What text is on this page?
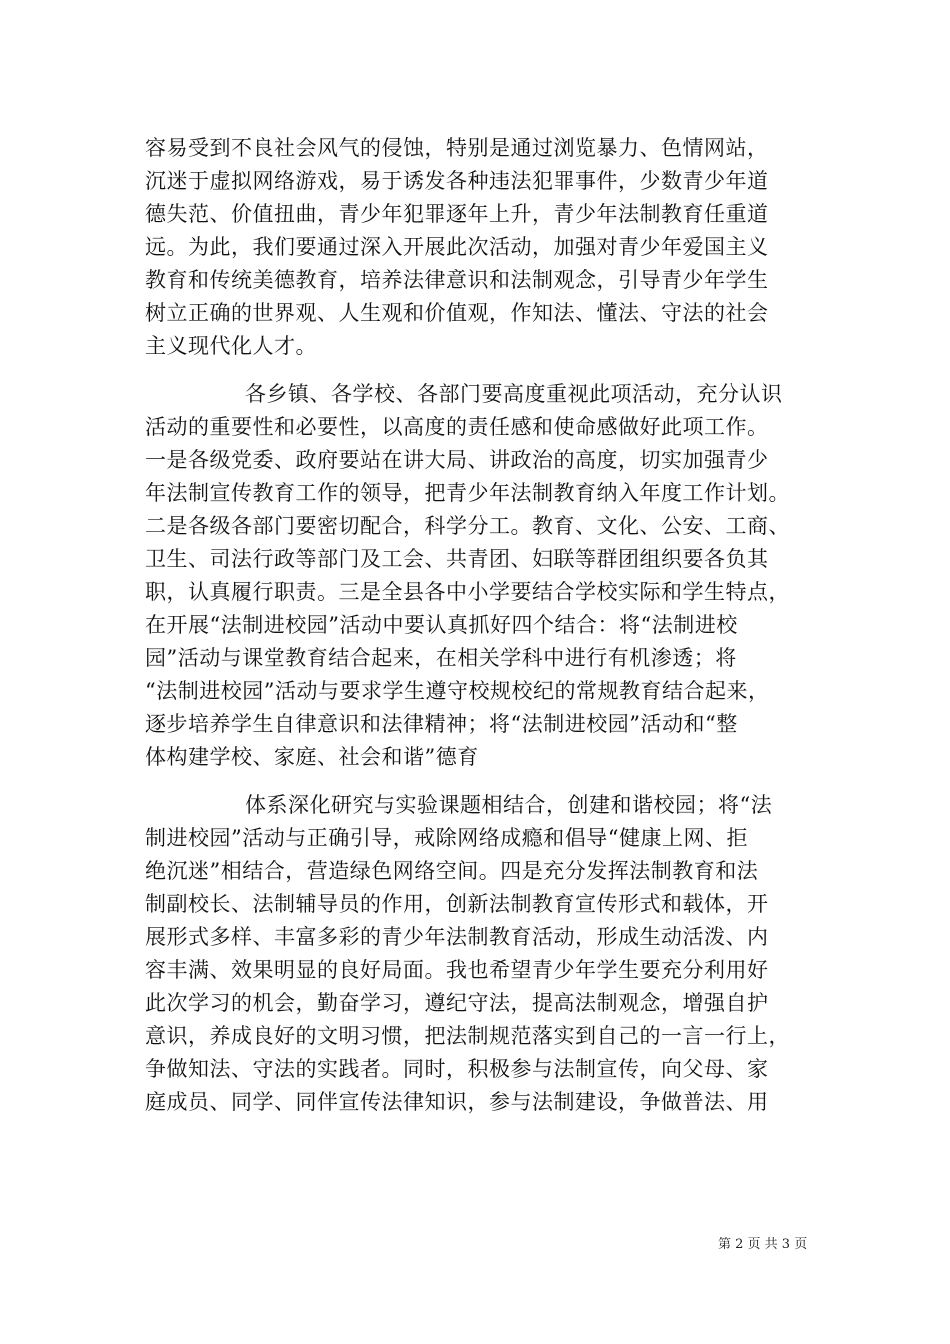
容易受到不良社会风气的侵蚀，特别是通过浏览暴力、色情网站，
沉迷于虚拟网络游戏，易于诱发各种违法犯罪事件，少数青少年道
德失范、价值扭曲，青少年犯罪逐年上升，青少年法制教育任重道
远。为此，我们要通过深入开展此次活动，加强对青少年爱国主义
教育和传统美德教育，培养法律意识和法制观念，引导青少年学生
树立正确的世界观、人生观和价值观，作知法、懂法、守法的社会
主义现代化人才。
各乡镇、各学校、各部门要高度重视此项活动，充分认识
活动的重要性和必要性，以高度的责任感和使命感做好此项工作。
一是各级党委、政府要站在讲大局、讲政治的高度，切实加强青少
年法制宣传教育工作的领导，把青少年法制教育纳入年度工作计划。
二是各级各部门要密切配合，科学分工。教育、文化、公安、工商、
卫生、司法行政等部门及工会、共青团、妇联等群团组织要各负其
职，认真履行职责。三是全县各中小学要结合学校实际和学生特点，
在开展“法制进校园”活动中要认真抓好四个结合：将“法制进校
园”活动与课堂教育结合起来，在相关学科中进行有机渗透；将
“法制进校园”活动与要求学生遵守校规校纪的常规教育结合起来，
逐步培养学生自律意识和法律精神；将“法制进校园”活动和“整
体构建学校、家庭、社会和谐”德育
体系深化研究与实验课题相结合，创建和谐校园；将“法
制进校园”活动与正确引导，戒除网络成瘾和倡导“健康上网、拒
绝沉迷”相结合，营造绿色网络空间。四是充分发挥法制教育和法
制副校长、法制辅导员的作用，创新法制教育宣传形式和载体，开
展形式多样、丰富多彩的青少年法制教育活动，形成生动活泼、内
容丰满、效果明显的良好局面。我也希望青少年学生要充分利用好
此次学习的机会，勤奋学习，遵纪守法，提高法制观念，增强自护
意识，养成良好的文明习惯，把法制规范落实到自己的一言一行上，
争做知法、守法的实践者。同时，积极参与法制宣传，向父母、家
庭成员、同学、同伴宣传法律知识，参与法制建设，争做普法、用
第 2 页 共 3 页
